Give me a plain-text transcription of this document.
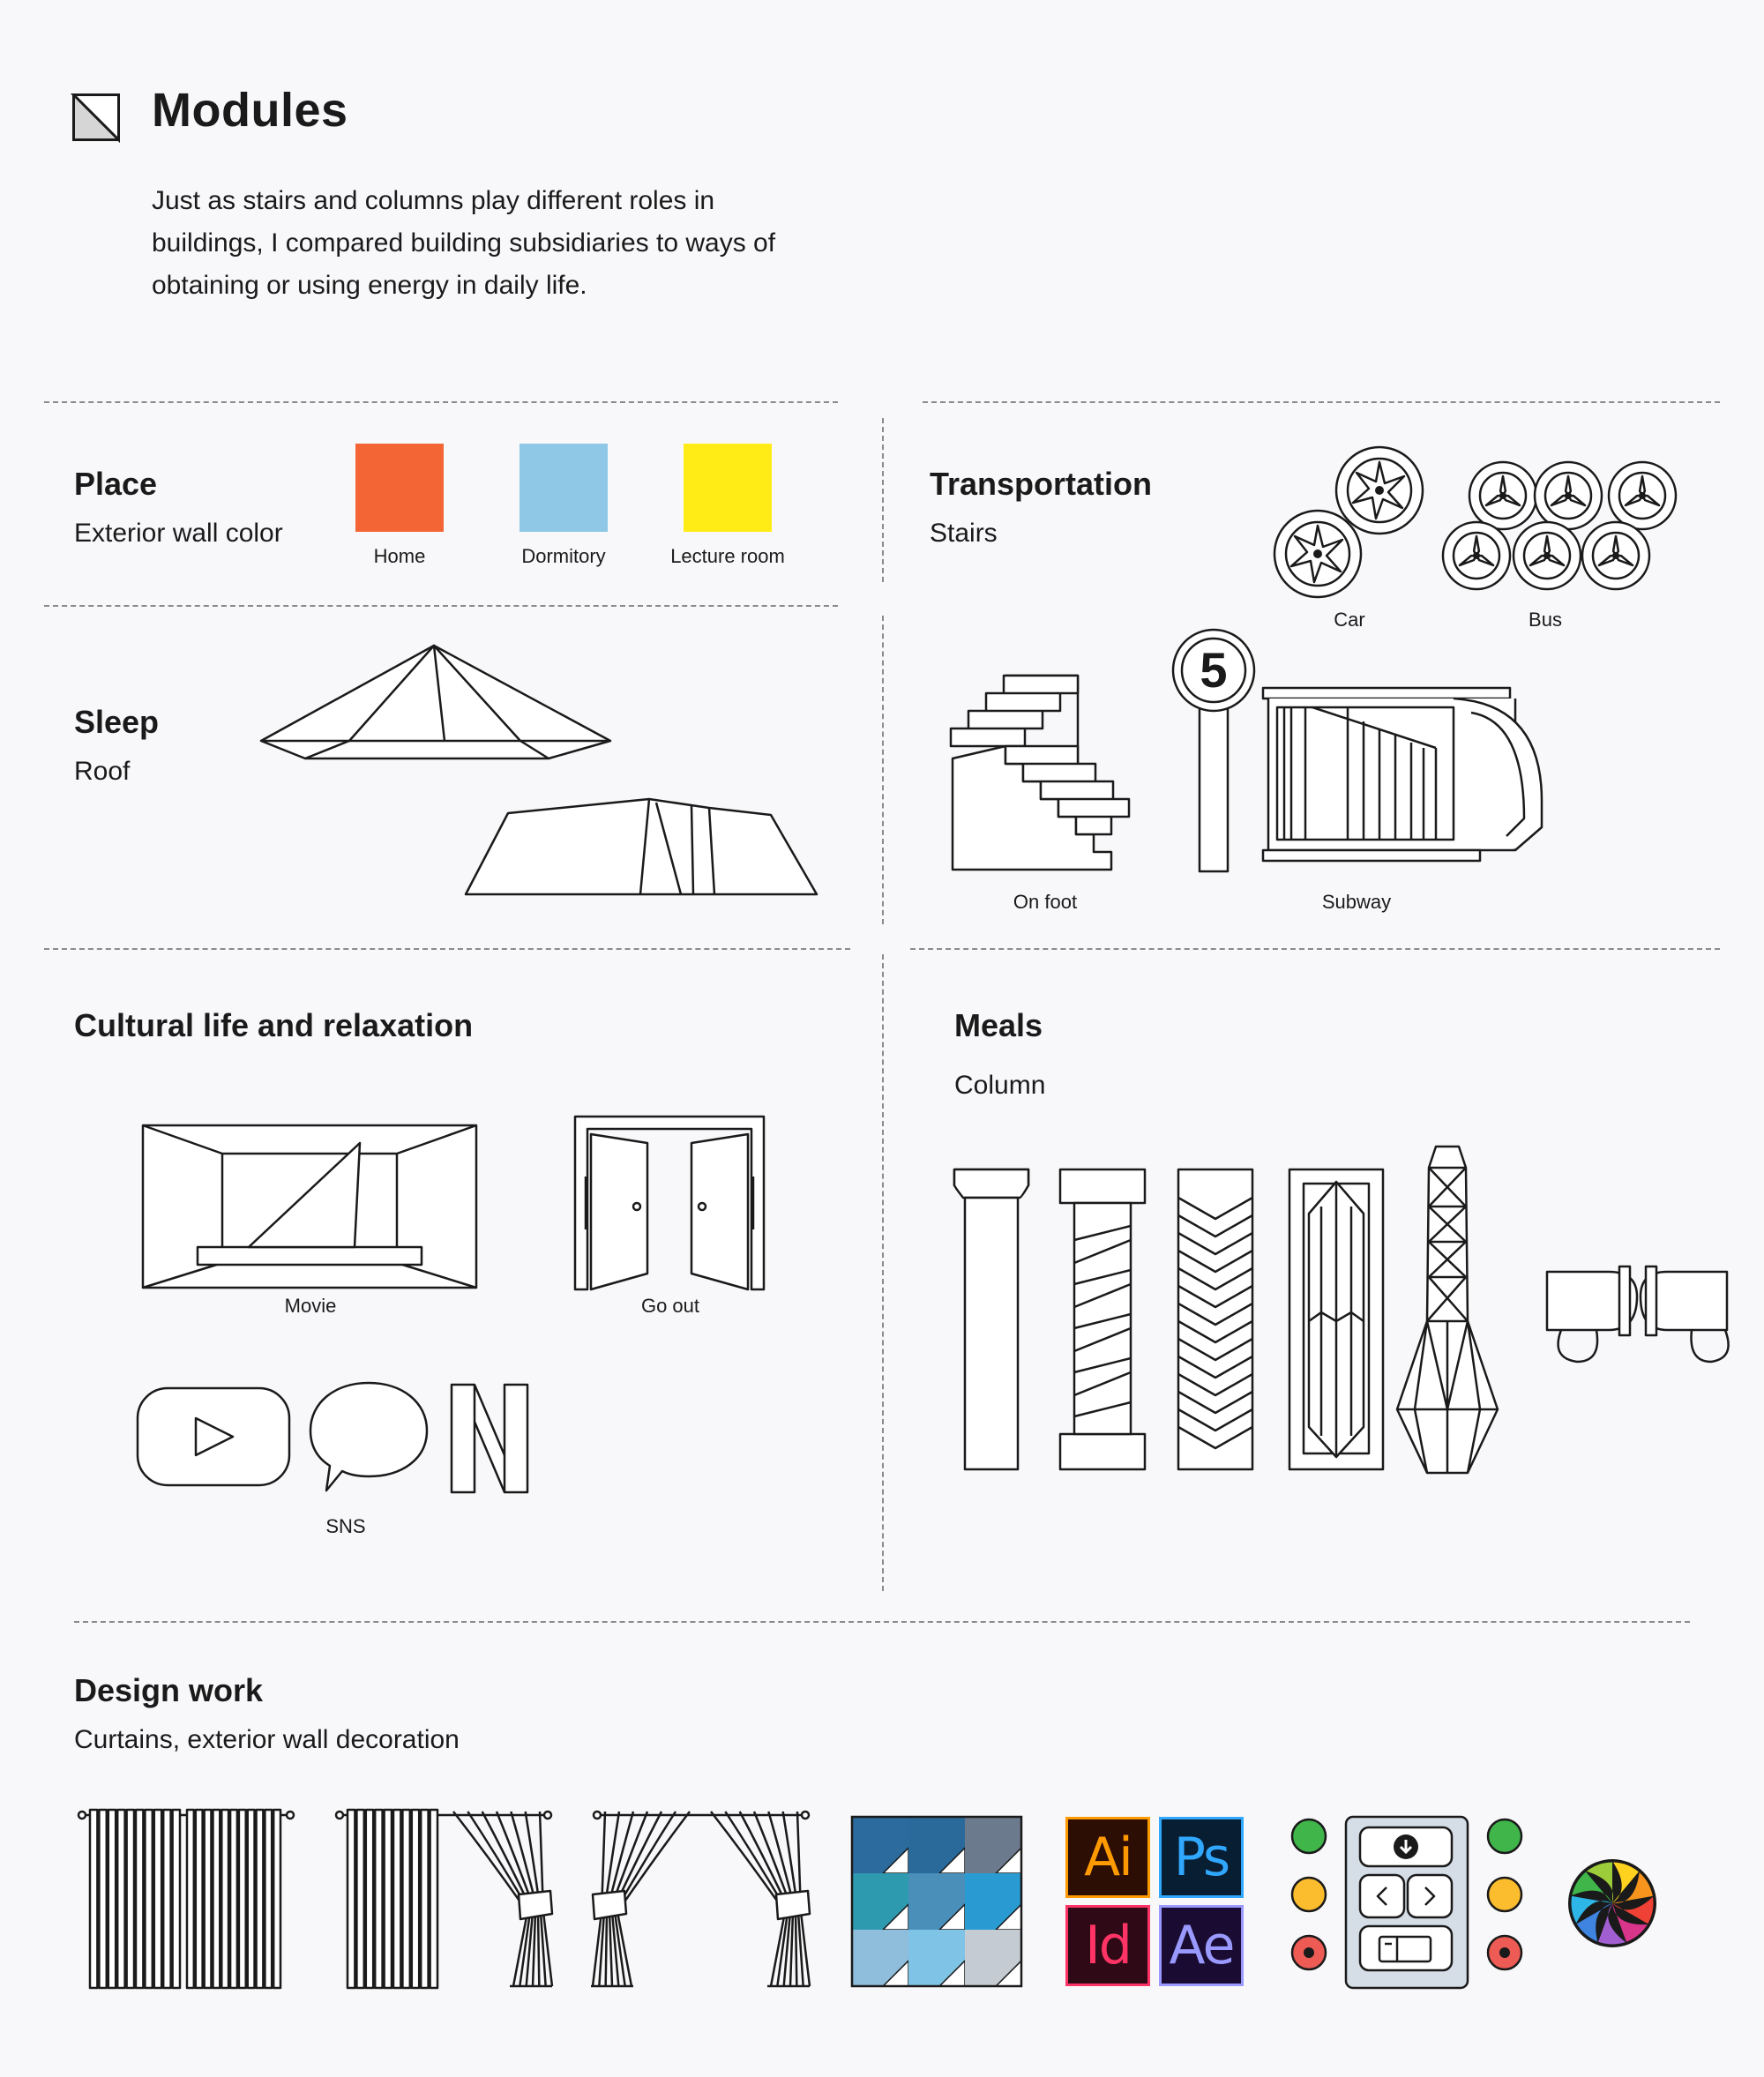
Modules
Just as stairs and columns play different roles in buildings, I compared building subsidiaries to ways of obtaining or using energy in daily life.
Place
Exterior wall color
Home	Dormitory	Lecture room
Transportation
Stairs
Car	Bus
On foot
5
Subway
Sleep
Roof
Cultural life and relaxation
Movie	Go out
SNS
Meals
Column
Design work
Curtains, exterior wall decoration
Ai Ps
Id Ae
